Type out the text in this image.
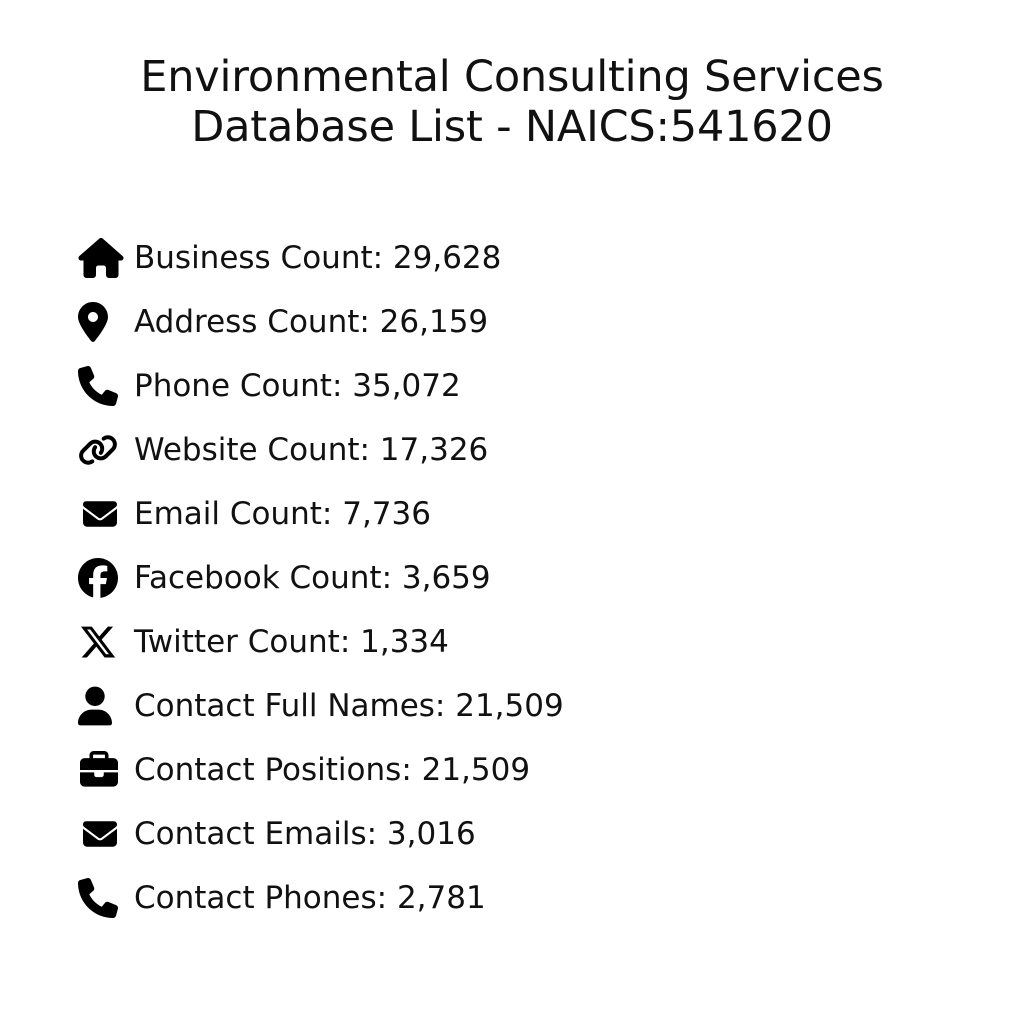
Environmental Consulting Services
Database List - NAICS:541620
Business Count: 29,628
Address Count: 26,159
Phone Count: 35,072
Website Count: 17,326
Email Count: 7,736
Facebook Count: 3,659
Twitter Count: 1,334
Contact Full Names: 21,509
Contact Positions: 21,509
Contact Emails: 3,016
Contact Phones: 2,781
